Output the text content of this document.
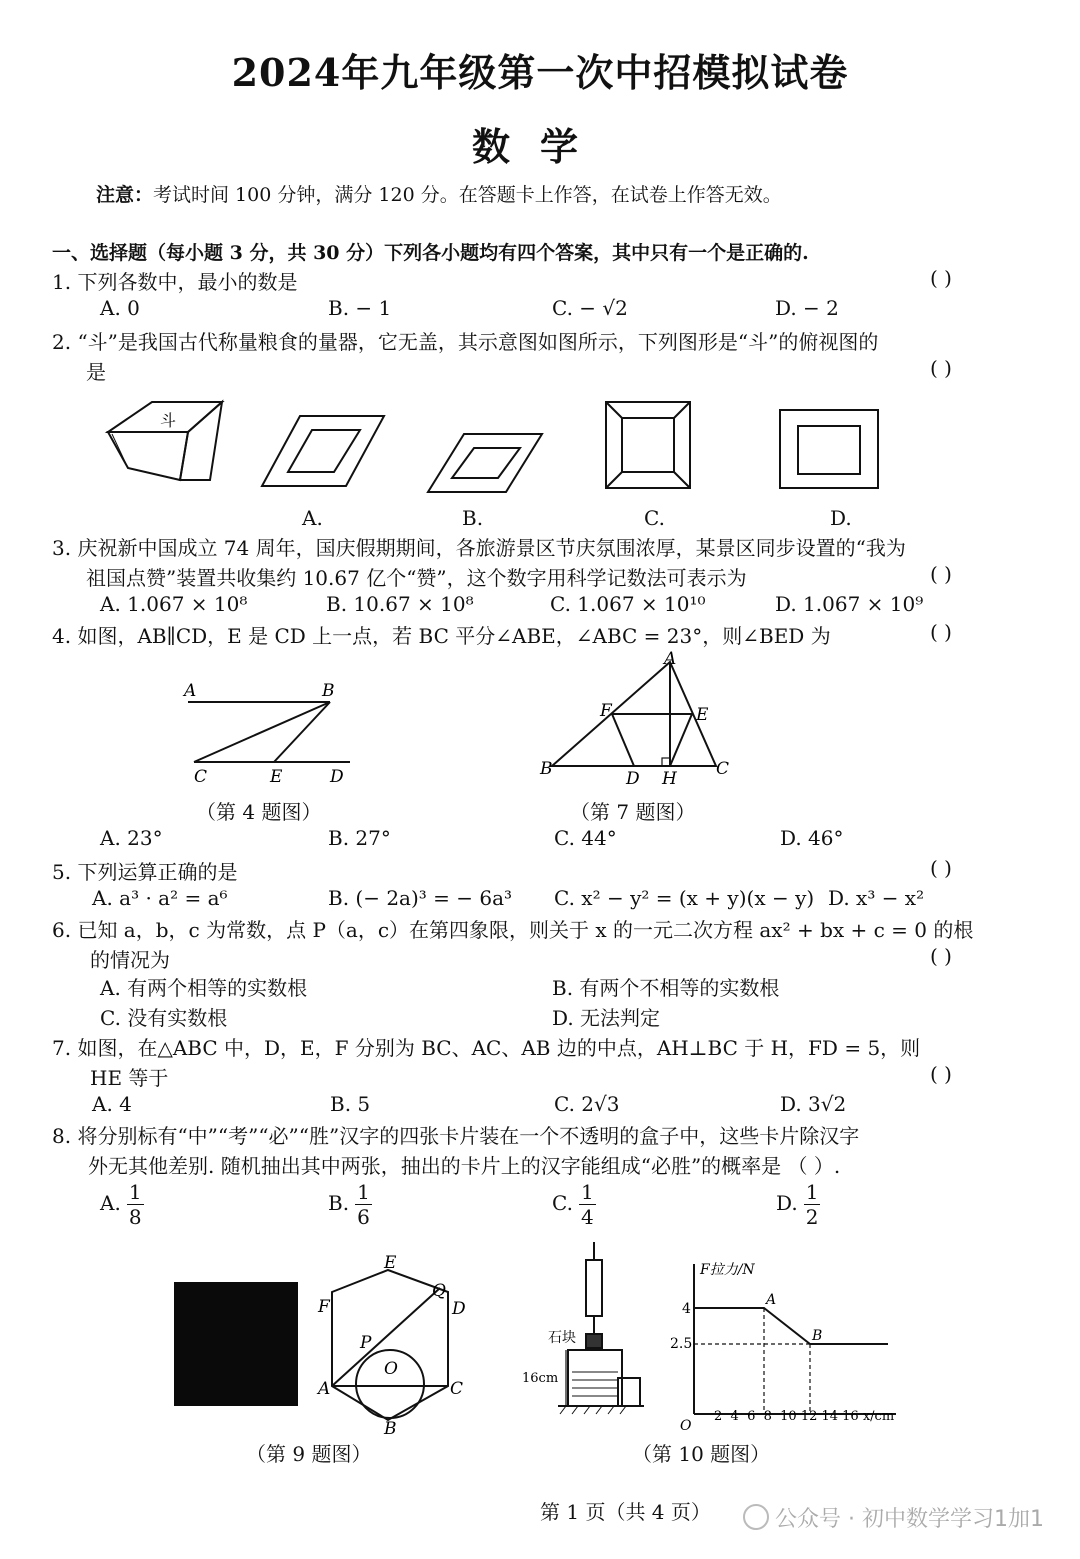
2024年九年级第一次中招模拟试卷
数学
注意：考试时间 100 分钟，满分 120 分。在答题卡上作答，在试卷上作答无效。
一、选择题（每小题 3 分，共 30 分）下列各小题均有四个答案，其中只有一个是正确的.
1. 下列各数中，最小的数是	( )
A. 0	B. − 1	C. − √2	D. − 2
2. “斗”是我国古代称量粮食的量器，它无盖，其示意图如图所示，下列图形是“斗”的俯视图的
是	( )
斗
A.	B.	C.	D.
3. 庆祝新中国成立 74 周年，国庆假期期间，各旅游景区节庆氛围浓厚，某景区同步设置的“我为
祖国点赞”装置共收集约 10.67 亿个“赞”，这个数字用科学记数法可表示为	( )
A. 1.067 × 10⁸	B. 10.67 × 10⁸	C. 1.067 × 10¹⁰	D. 1.067 × 10⁹
4. 如图，AB∥CD，E 是 CD 上一点，若 BC 平分∠ABE，∠ABC = 23°，则∠BED 为	( )
A	B
C	E	D
A
F	E
B	D H C
（第 4 题图）	（第 7 题图）
A. 23°	B. 27°	C. 44°	D. 46°
5. 下列运算正确的是	( )
A. a³ · a² = a⁶	B. (− 2a)³ = − 6a³ C. x² − y² = (x + y)(x − y) D. x³ − x²
6. 已知 a，b，c 为常数，点 P（a，c）在第四象限，则关于 x 的一元二次方程 ax² + bx + c = 0 的根
的情况为	( )
A. 有两个相等的实数根	B. 有两个不相等的实数根
C. 没有实数根	D. 无法判定
7. 如图，在△ABC 中，D，E，F 分别为 BC、AC、AB 边的中点，AH⊥BC 于 H，FD = 5，则
HE 等于	( )
A. 4	B. 5	C. 2√3	D. 3√2
8. 将分别标有“中”“考”“必”“胜”汉字的四张卡片装在一个不透明的盒子中，这些卡片除汉字
外无其他差别. 随机抽出其中两张，抽出的卡片上的汉字能组成“必胜”的概率是 （ ）.
A. $\frac{1}{8}$	B. $\frac{1}{6}$	C. $\frac{1}{4}$	D. $\frac{1}{2}$
E
F
Q
D
P
O
A	C
B
（第 9 题图）
石块
16cm
F拉力/N
4
2.5
A
B
O
2  4  6  8  10 12 14 16 x/cm
（第 10 题图）
第 1 页（共 4 页）	公众号 · 初中数学学习1加1
